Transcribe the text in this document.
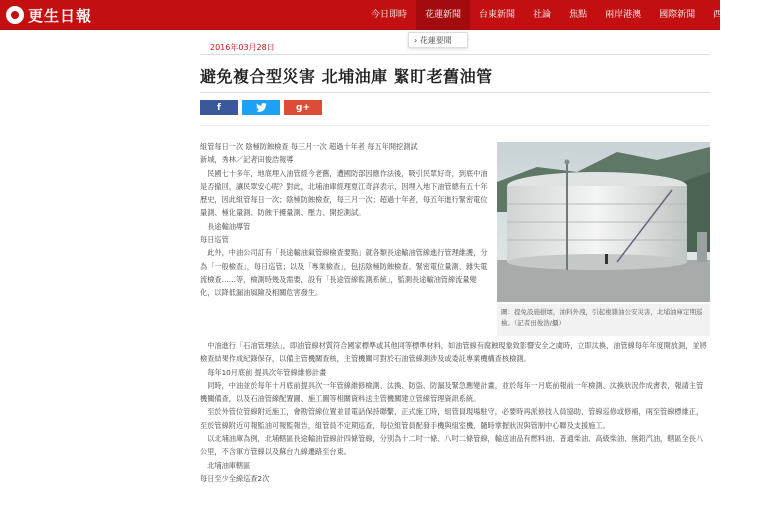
更生日報	今日即時	花蓮新聞	台東新聞	社論	焦點	兩岸港澳	國際新聞	西部綜合
› 花蓮要聞
2016年03月28日
避免複合型災害 北埔油庫 緊盯老舊油管
f	g+

組管每日一次 陰極防蝕檢查 每三月一次 超過十年者 每五年開挖測試

新城，秀林／記者田俊浩報導

　民國七十多年，地底埋入油管經今老舊，遭國防部因應作法後，吸引民眾好奇，到底中油是否撤回，讓民眾安心呢？對此，北埔油庫經理夏江奇詳表示，因埋入地下油管總有五十年歷史，因此組管每日一次；陰極防蝕檢查，每三月一次；超過十年者，每五年進行緊密電位量測、極化量測、防蝕干擾量測、壓力、開挖測試。

　長途輸油導管

每日巡管

　此外，中油公司訂有「長途輸油氣管線檢查要點」就各類長途輸油管線進行管理維護，分為「一般檢查」，每日巡管；以及「專業檢查」，包括陰極防蝕檢查、緊密電位量測、雜失電流檢查……等，檢測時幾及需要，設有「長途管線監測系統」，監測長途輸油管線流量變化，以降低漏油風險及相關危害發生。

圖：提免設施損壞，油料外洩，引起複雜油公安災害，北埔油庫定期巡檢。（記者田俊浩/攝）

　中油進行「石油管理法」，即油管線材質符合國家標準或其他同等標準材料，如油管線有腐蝕現象致影響安全之虞時，立即汰換，油管線每年年度開放測，並將檢查結果作成紀錄保存，以備主管機關查核，主管機關可對於石油管線測涉及或委託專業機構查核檢測。

　每年10月底前 提具次年管線維修計畫

　同時，中油並於每年十月底前提具次一年管線維修檢測、汰換、防盜、防漏及緊急應變計畫，並於每年一月底前報前一年檢測、汰換狀況作成書表，報請主管機關備查，以及石油管線配置圖、施工圖等相關資料送主管機關建立管線管理資訊系統。

　至於外管位管線附近施工，會勘管線位置並冒電話保持聯繫，正式施工時，組管員現場駐守，必要時再派修技人員協助、管線巡修或修補，兩至管線標維正，至於管線附近可報監油可報監報告，組管員不定期巡查，每位組管員配發手機與組室機，隨時掌握狀況與管制中心聯及支援施工。

　以北埔油庫為例，北埔轄區長途輸油管線計四條管線，分別為十二吋一條、八吋二條管線，輸送油品有燃料油、普通柴油、高級柴油、無鉛汽油，轄區全長八公里，不含軍方管線以及蘇台九線遷路至台東。

　北埔油庫轄區

每日至少全線巡查2次
